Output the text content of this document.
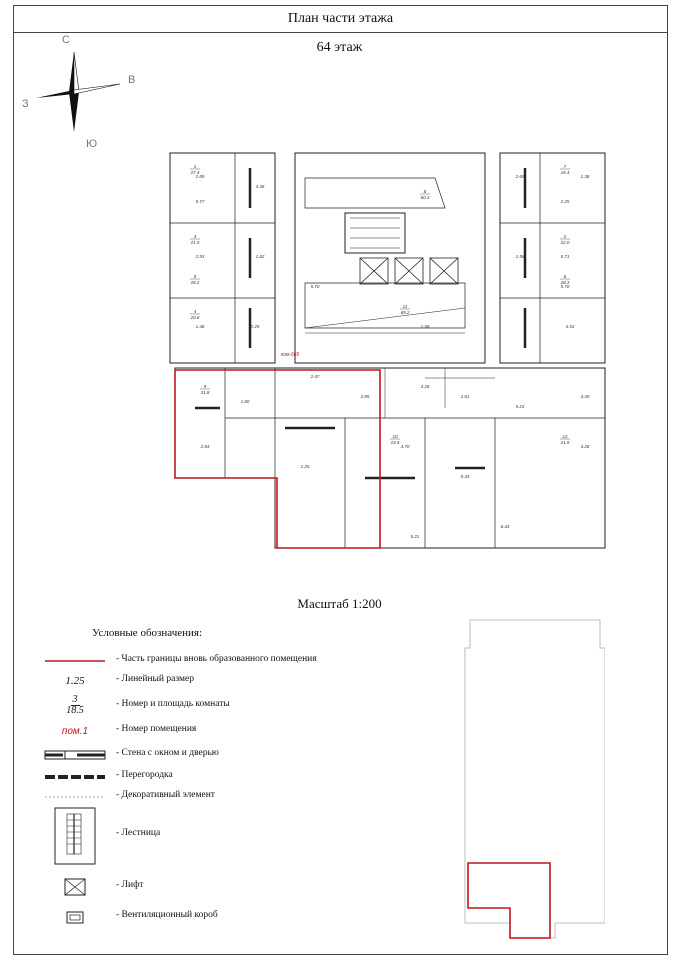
План части этажа
64 этаж
С
В
Ю
З
пом.665
2.89
5.77
4.36
2.93	1.62
1.48
2.47
4.70
5.21
2.61
2.69
2.25
1.58	5.71
3.53
5.23
4.30
1.80
2.64
2.25
5.33
6.43
2.85
3.28
4.28
2.25
5.70
1.58
5.70
1.38
3
21.5
1
27.4
4
20.8
5
28.2
2
22.0
8
60.3
11
69.2
7
18.4
6
28.3
9
31.8
10
23.4
12
21.9
Масштаб 1:200
Условные обозначения:
- Часть границы вновь образованного помещения
1.25	- Линейный размер
$\frac{3}{18.5}$	- Номер и площадь комнаты
пом.1	- Номер помещения
- Стена с окном и дверью
- Перегородка
- Декоративный элемент
- Лестница
- Лифт
- Вентиляционный короб
